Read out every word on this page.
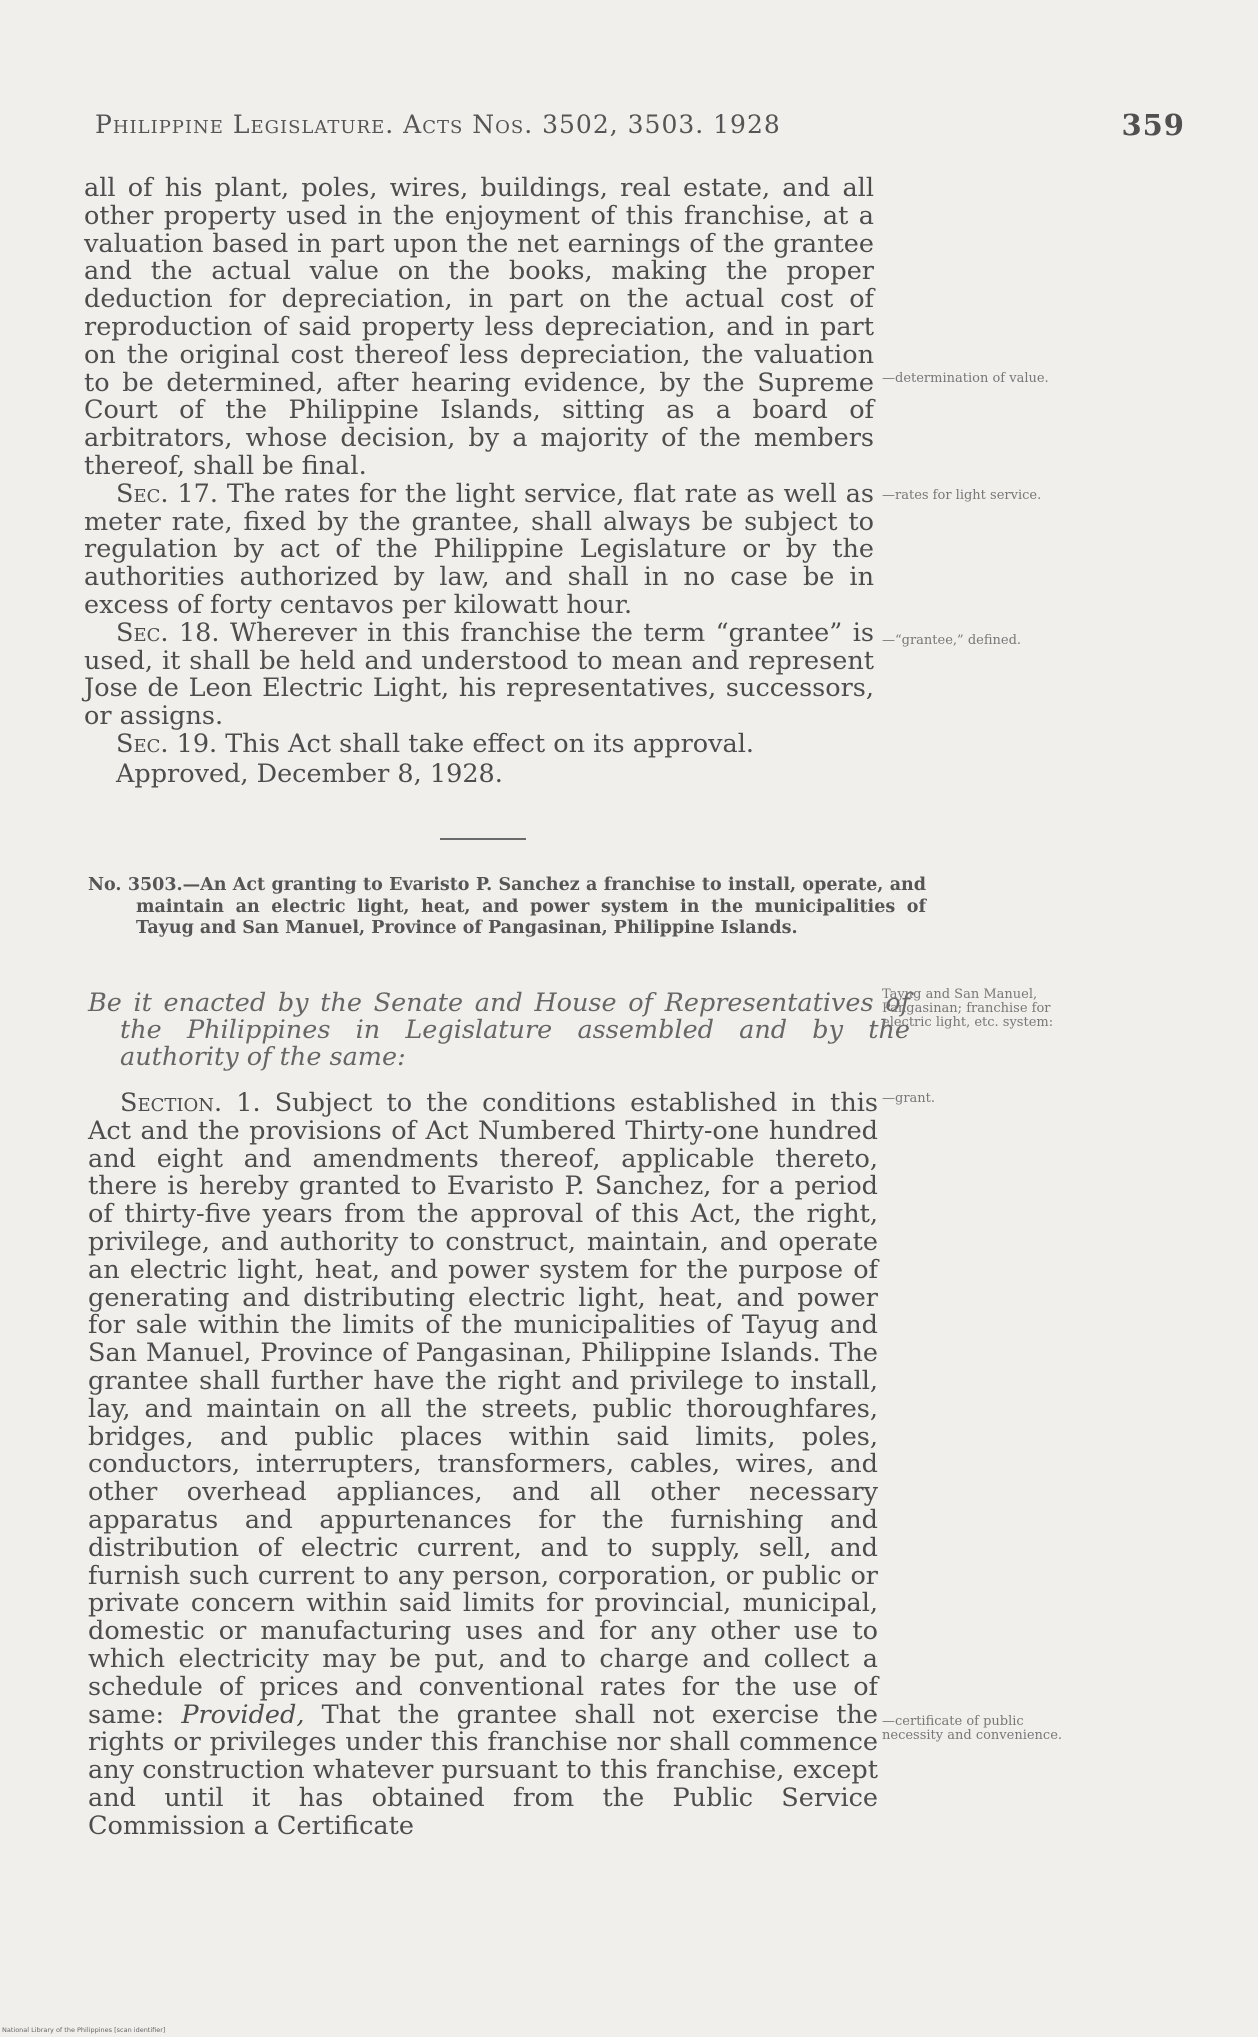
Philippine Legislature. Acts Nos. 3502, 3503. 1928	359

all of his plant, poles, wires, buildings, real estate, and all other property used in the enjoyment of this franchise, at a valuation based in part upon the net earnings of the grantee and the actual value on the books, making the proper deduction for depreciation, in part on the actual cost of reproduction of said property less depreciation, and in part on the original cost thereof less depreciation, the valuation to be determined, after hearing evidence, by the Supreme Court of the Philippine Islands, sitting as a board of arbitrators, whose decision, by a majority of the members thereof, shall be final.

Sec. 17. The rates for the light service, flat rate as well as meter rate, fixed by the grantee, shall always be subject to regulation by act of the Philippine Legislature or by the authorities authorized by law, and shall in no case be in excess of forty centavos per kilowatt hour.

Sec. 18. Wherever in this franchise the term “grantee” is used, it shall be held and understood to mean and represent Jose de Leon Electric Light, his representatives, successors, or assigns.

Sec. 19. This Act shall take effect on its approval.

Approved, December 8, 1928.

No. 3503.—An Act granting to Evaristo P. Sanchez a franchise to install, operate, and maintain an electric light, heat, and power system in the municipalities of Tayug and San Manuel, Province of Pangasinan, Philippine Islands.
Be it enacted by the Senate and House of Representatives of the Philippines in Legislature assembled and by the authority of the same:

Section. 1. Subject to the conditions established in this Act and the provisions of Act Numbered Thirty-one hundred and eight and amendments thereof, applicable thereto, there is hereby granted to Evaristo P. Sanchez, for a period of thirty-five years from the approval of this Act, the right, privilege, and authority to construct, maintain, and operate an electric light, heat, and power system for the purpose of generating and distributing electric light, heat, and power for sale within the limits of the municipalities of Tayug and San Manuel, Province of Pangasinan, Philippine Islands. The grantee shall further have the right and privilege to install, lay, and maintain on all the streets, public thoroughfares, bridges, and public places within said limits, poles, conductors, interrupters, transformers, cables, wires, and other overhead appliances, and all other necessary apparatus and appurtenances for the furnishing and distribution of electric current, and to supply, sell, and furnish such current to any person, corporation, or public or private concern within said limits for provincial, municipal, domestic or manufacturing uses and for any other use to which electricity may be put, and to charge and collect a schedule of prices and conventional rates for the use of same: Provided, That the grantee shall not exercise the rights or privileges under this franchise nor shall commence any construction whatever pursuant to this franchise, except and until it has obtained from the Public Service Commission a Certificate

—determination of value.
—rates for light service.
—“grantee,” defined.
Tayug and San Manuel, Pangasinan; franchise for electric light, etc. system:
—grant.
—certificate of public necessity and convenience.
National Library of the Philippines [scan identifier]
